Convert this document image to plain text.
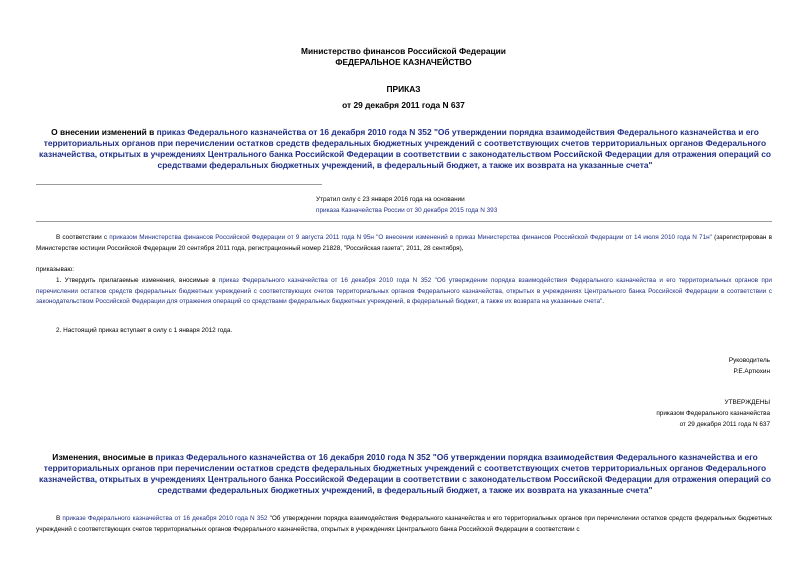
Министерство финансов Российской Федерации
ФЕДЕРАЛЬНОЕ КАЗНАЧЕЙСТВО
ПРИКАЗ
от 29 декабря 2011 года N 637
О внесении изменений в приказ Федерального казначейства от 16 декабря 2010 года N 352 "Об утверждении порядка взаимодействия Федерального казначейства и его территориальных органов при перечислении остатков средств федеральных бюджетных учреждений с соответствующих счетов территориальных органов Федерального казначейства, открытых в учреждениях Центрального банка Российской Федерации в соответствии с законодательством Российской Федерации для отражения операций со средствами федеральных бюджетных учреждений, в федеральный бюджет, а также их возврата на указанные счета"
Утратил силу с 23 января 2016 года на основании
приказа Казначейства России от 30 декабря 2015 года N 393
В соответствии с приказом Министерства финансов Российской Федерации от 9 августа 2011 года N 95н "О внесении изменений в приказ Министерства финансов Российской Федерации от 14 июля 2010 года N 71н" (зарегистрирован в Министерстве юстиции Российской Федерации 20 сентября 2011 года, регистрационный номер 21828, "Российская газета", 2011, 28 сентября),
приказываю:
1. Утвердить прилагаемые изменения, вносимые в приказ Федерального казначейства от 16 декабря 2010 года N 352 "Об утверждении порядка взаимодействия Федерального казначейства и его территориальных органов при перечислении остатков средств федеральных бюджетных учреждений с соответствующих счетов территориальных органов Федерального казначейства, открытых в учреждениях Центрального банка Российской Федерации в соответствии с законодательством Российской Федерации для отражения операций со средствами федеральных бюджетных учреждений, в федеральный бюджет, а также их возврата на указанные счета".
2. Настоящий приказ вступает в силу с 1 января 2012 года.
Руководитель
Р.Е.Артюхин
УТВЕРЖДЕНЫ
приказом Федерального казначейства
от 29 декабря 2011 года N 637
Изменения, вносимые в приказ Федерального казначейства от 16 декабря 2010 года N 352 "Об утверждении порядка взаимодействия Федерального казначейства и его территориальных органов при перечислении остатков средств федеральных бюджетных учреждений с соответствующих счетов территориальных органов Федерального казначейства, открытых в учреждениях Центрального банка Российской Федерации в соответствии с законодательством Российской Федерации для отражения операций со средствами федеральных бюджетных учреждений, в федеральный бюджет, а также их возврата на указанные счета"
В приказе Федерального казначейства от 16 декабря 2010 года N 352 "Об утверждении порядка взаимодействия Федерального казначейства и его территориальных органов при перечислении остатков средств федеральных бюджетных учреждений с соответствующих счетов территориальных органов Федерального казначейства, открытых в учреждениях Центрального банка Российской Федерации в соответствии с
